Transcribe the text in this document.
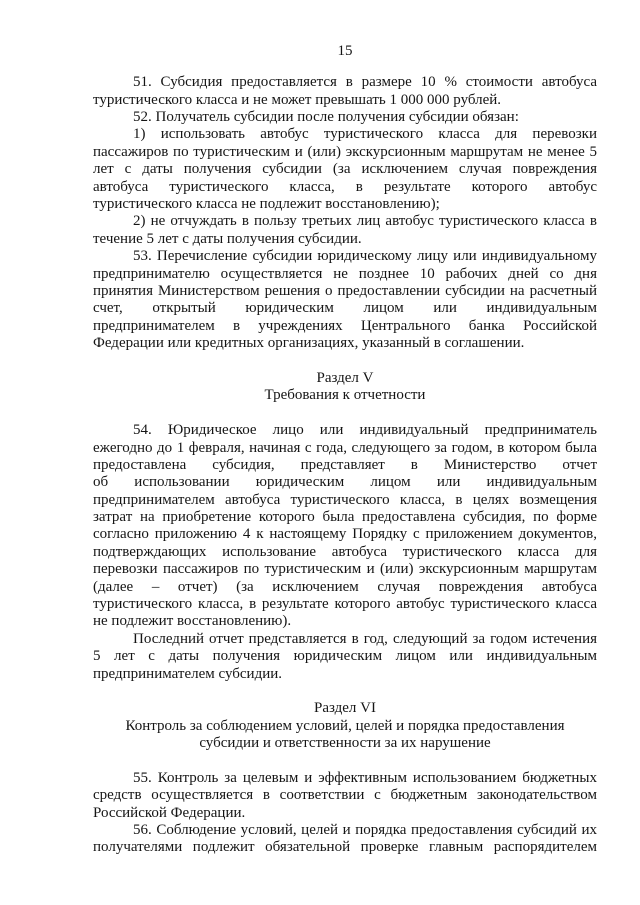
15
51. Субсидия предоставляется в размере 10 % стоимости автобуса
туристического класса и не может превышать 1 000 000 рублей.
52. Получатель субсидии после получения субсидии обязан:
1) использовать автобус туристического класса для перевозки
пассажиров по туристическим и (или) экскурсионным маршрутам не менее 5
лет с даты получения субсидии (за исключением случая повреждения
автобуса туристического класса, в результате которого автобус
туристического класса не подлежит восстановлению);
2) не отчуждать в пользу третьих лиц автобус туристического класса в
течение 5 лет с даты получения субсидии.
53. Перечисление субсидии юридическому лицу или индивидуальному
предпринимателю осуществляется не позднее 10 рабочих дней со дня
принятия Министерством решения о предоставлении субсидии на расчетный
счет, открытый юридическим лицом или индивидуальным
предпринимателем в учреждениях Центрального банка Российской
Федерации или кредитных организациях, указанный в соглашении.
Раздел V
Требования к отчетности
54. Юридическое лицо или индивидуальный предприниматель
ежегодно до 1 февраля, начиная с года, следующего за годом, в котором была
предоставлена субсидия, представляет в Министерство отчет
об использовании юридическим лицом или индивидуальным
предпринимателем автобуса туристического класса, в целях возмещения
затрат на приобретение которого была предоставлена субсидия, по форме
согласно приложению 4 к настоящему Порядку с приложением документов,
подтверждающих использование автобуса туристического класса для
перевозки пассажиров по туристическим и (или) экскурсионным маршрутам
(далее – отчет) (за исключением случая повреждения автобуса
туристического класса, в результате которого автобус туристического класса
не подлежит восстановлению).
Последний отчет представляется в год, следующий за годом истечения
5 лет с даты получения юридическим лицом или индивидуальным
предпринимателем субсидии.
Раздел VI
Контроль за соблюдением условий, целей и порядка предоставления
субсидии и ответственности за их нарушение
55. Контроль за целевым и эффективным использованием бюджетных
средств осуществляется в соответствии с бюджетным законодательством
Российской Федерации.
56. Соблюдение условий, целей и порядка предоставления субсидий их
получателями подлежит обязательной проверке главным распорядителем
